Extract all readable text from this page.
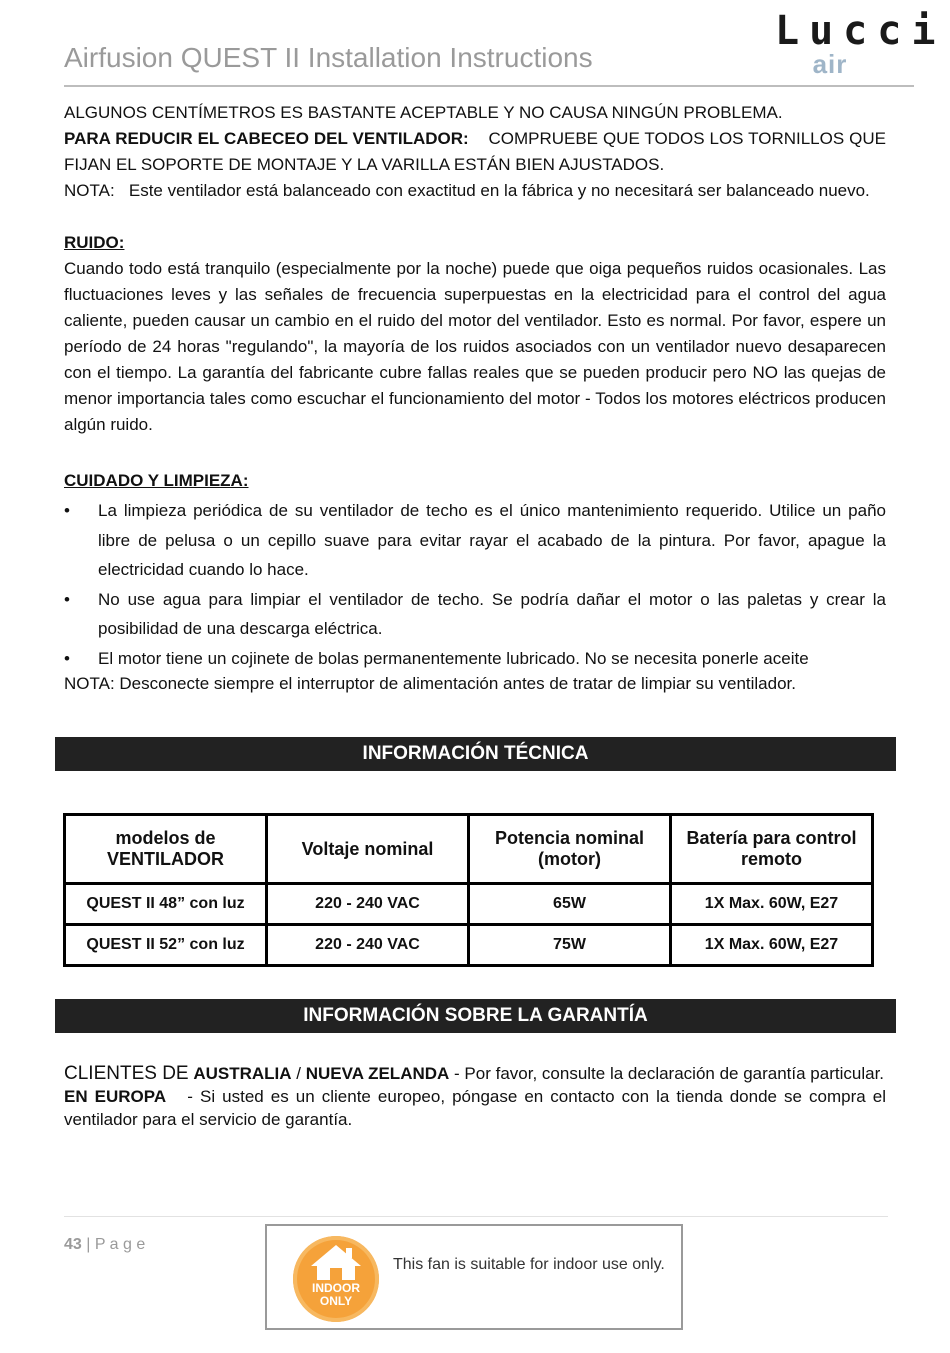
Airfusion QUEST II Installation Instructions
Lucci
air

ALGUNOS CENTÍMETROS ES BASTANTE ACEPTABLE Y NO CAUSA NINGÚN PROBLEMA.

PARA REDUCIR EL CABECEO DEL VENTILADOR: COMPRUEBE QUE TODOS LOS TORNILLOS QUE FIJAN EL SOPORTE DE MONTAJE Y LA VARILLA ESTÁN BIEN AJUSTADOS.

NOTA:   Este ventilador está balanceado con exactitud en la fábrica y no necesitará ser balanceado nuevo.

RUIDO:

Cuando todo está tranquilo (especialmente por la noche) puede que oiga pequeños ruidos ocasionales. Las fluctuaciones leves y las señales de frecuencia superpuestas en la electricidad para el control del agua caliente, pueden causar un cambio en el ruido del motor del ventilador. Esto es normal. Por favor, espere un período de 24 horas "regulando", la mayoría de los ruidos asociados con un ventilador nuevo desaparecen con el tiempo. La garantía del fabricante cubre fallas reales que se pueden producir pero NO las quejas de menor importancia tales como escuchar el funcionamiento del motor - Todos los motores eléctricos producen algún ruido.

CUIDADO Y LIMPIEZA:

• La limpieza periódica de su ventilador de techo es el único mantenimiento requerido. Utilice un paño libre de pelusa o un cepillo suave para evitar rayar el acabado de la pintura. Por favor, apague la electricidad cuando lo hace.
• No use agua para limpiar el ventilador de techo. Se podría dañar el motor o las paletas y crear la posibilidad de una descarga eléctrica.
• El motor tiene un cojinete de bolas permanentemente lubricado. No se necesita ponerle aceite

NOTA: Desconecte siempre el interruptor de alimentación antes de tratar de limpiar su ventilador.

INFORMACIÓN TÉCNICA
modelos de VENTILADOR	Voltaje nominal	Potencia nominal (motor)	Batería para control remoto
QUEST II 48” con luz	220 - 240 VAC	65W	1X Max. 60W, E27
QUEST II 52” con luz	220 - 240 VAC	75W	1X Max. 60W, E27
INFORMACIÓN SOBRE LA GARANTÍA

CLIENTES DE AUSTRALIA / NUEVA ZELANDA - Por favor, consulte la declaración de garantía particular.

EN EUROPA - Si usted es un cliente europeo, póngase en contacto con la tienda donde se compra el ventilador para el servicio de garantía.

43 | P a g e
INDOOR
ONLY
This fan is suitable for indoor use only.
